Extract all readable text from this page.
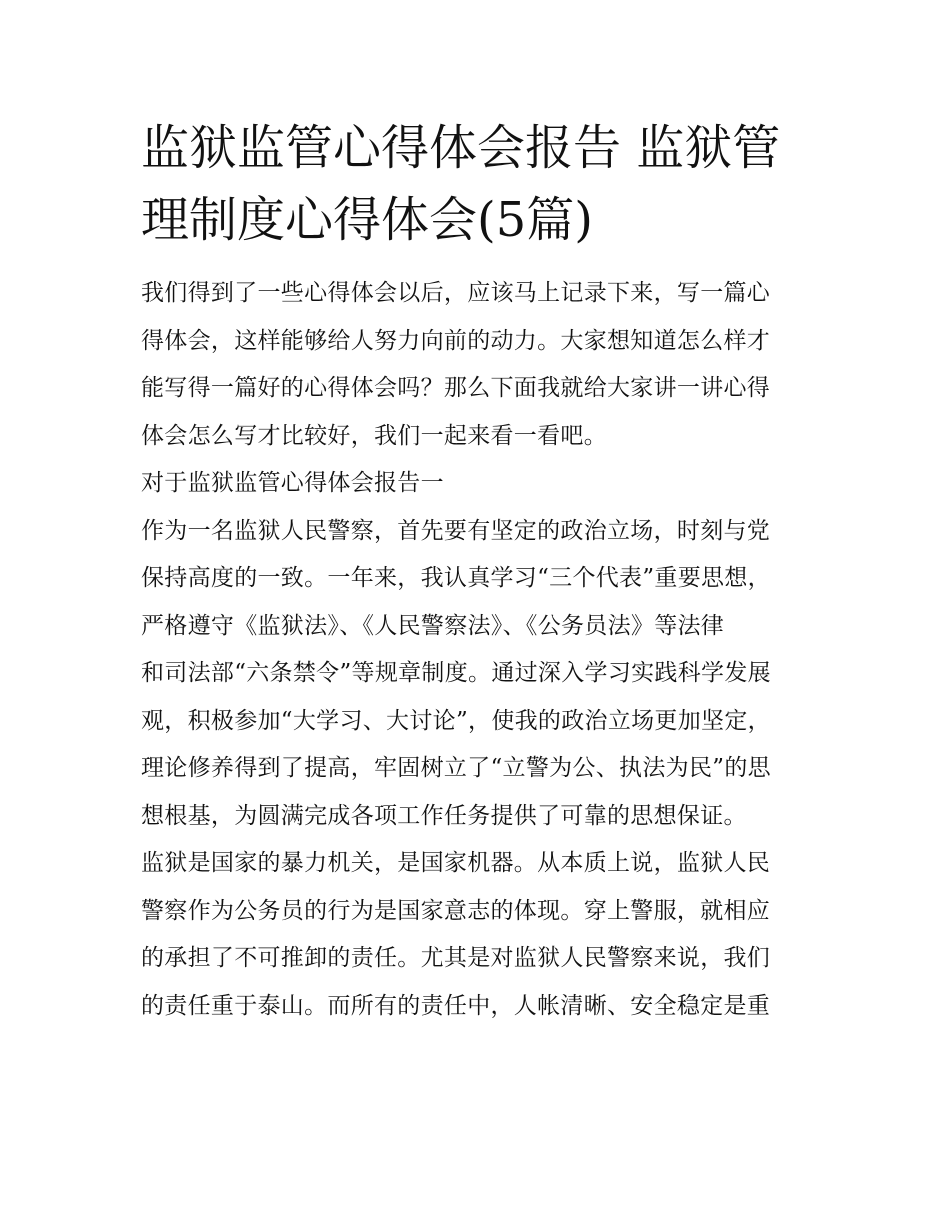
监狱监管心得体会报告 监狱管
理制度心得体会(5篇)
我们得到了一些心得体会以后，应该马上记录下来，写一篇心
得体会，这样能够给人努力向前的动力。大家想知道怎么样才
能写得一篇好的心得体会吗？那么下面我就给大家讲一讲心得
体会怎么写才比较好，我们一起来看一看吧。
对于监狱监管心得体会报告一
作为一名监狱人民警察，首先要有坚定的政治立场，时刻与党
保持高度的一致。一年来，我认真学习“三个代表”重要思想，
严格遵守《监狱法》、《人民警察法》、《公务员法》等法律
和司法部“六条禁令”等规章制度。通过深入学习实践科学发展
观，积极参加“大学习、大讨论”，使我的政治立场更加坚定，
理论修养得到了提高，牢固树立了“立警为公、执法为民”的思
想根基，为圆满完成各项工作任务提供了可靠的思想保证。
监狱是国家的暴力机关，是国家机器。从本质上说，监狱人民
警察作为公务员的行为是国家意志的体现。穿上警服，就相应
的承担了不可推卸的责任。尤其是对监狱人民警察来说，我们
的责任重于泰山。而所有的责任中，人帐清晰、安全稳定是重
